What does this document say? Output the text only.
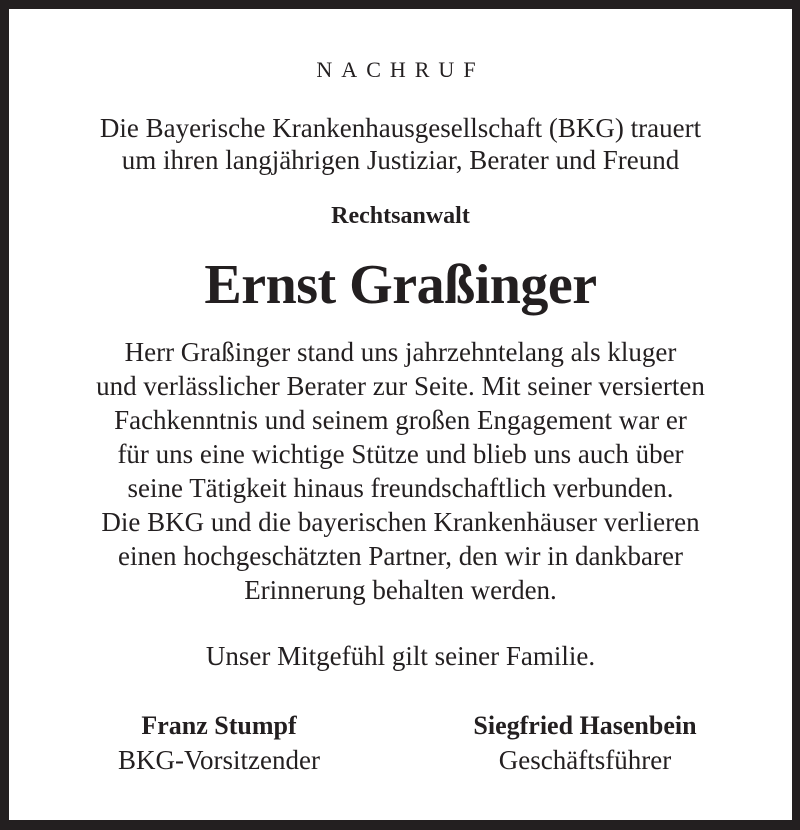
NACHRUF
Die Bayerische Krankenhausgesellschaft (BKG) trauert
um ihren langjährigen Justiziar, Berater und Freund
Rechtsanwalt
Ernst Graßinger
Herr Graßinger stand uns jahrzehntelang als kluger
und verlässlicher Berater zur Seite. Mit seiner versierten
Fachkenntnis und seinem großen Engagement war er
für uns eine wichtige Stütze und blieb uns auch über
seine Tätigkeit hinaus freundschaftlich verbunden.
Die BKG und die bayerischen Krankenhäuser verlieren
einen hochgeschätzten Partner, den wir in dankbarer
Erinnerung behalten werden.
Unser Mitgefühl gilt seiner Familie.
Franz Stumpf
BKG-Vorsitzender
Siegfried Hasenbein
Geschäftsführer
